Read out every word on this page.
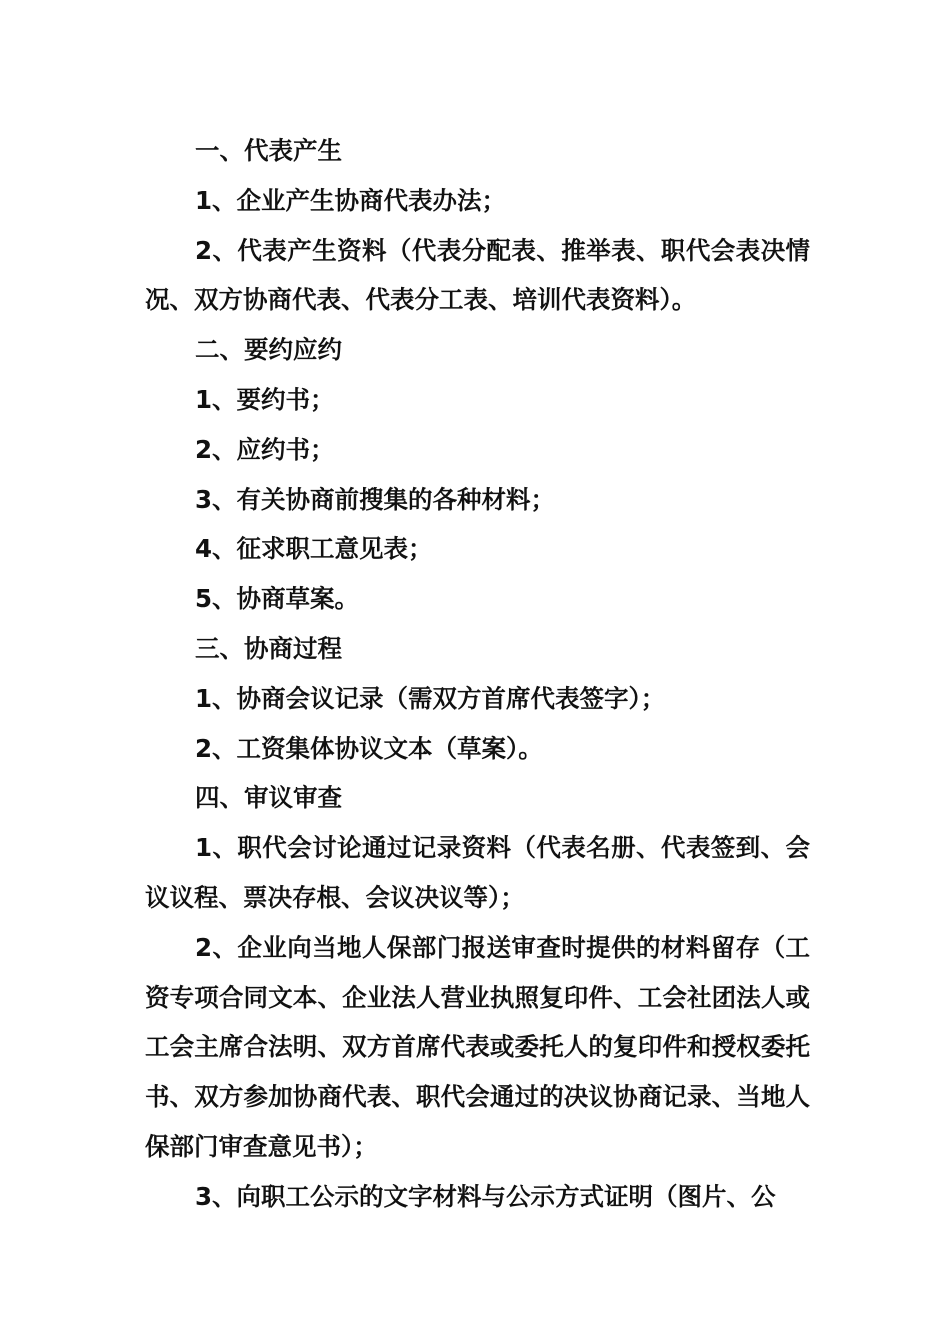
一、代表产生

1、企业产生协商代表办法；

2、代表产生资料（代表分配表、推举表、职代会表决情况、双方协商代表、代表分工表、培训代表资料）。

二、要约应约

1、要约书；

2、应约书；

3、有关协商前搜集的各种材料；

4、征求职工意见表；

5、协商草案。

三、协商过程

1、协商会议记录（需双方首席代表签字）；

2、工资集体协议文本（草案）。

四、审议审查

1、职代会讨论通过记录资料（代表名册、代表签到、会议议程、票决存根、会议决议等）；

2、企业向当地人保部门报送审查时提供的材料留存（工资专项合同文本、企业法人营业执照复印件、工会社团法人或工会主席合法明、双方首席代表或委托人的复印件和授权委托书、双方参加协商代表、职代会通过的决议协商记录、当地人保部门审查意见书）；

3、向职工公示的文字材料与公示方式证明（图片、公
